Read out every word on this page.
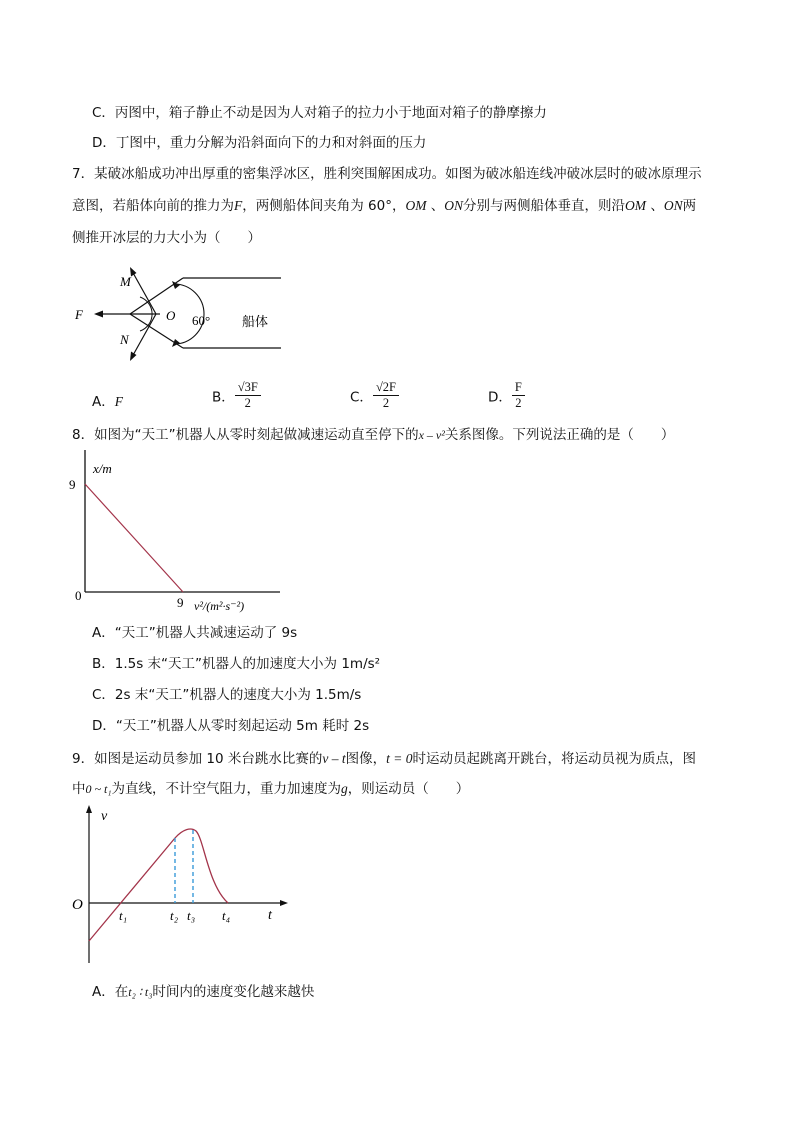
C．丙图中，箱子静止不动是因为人对箱子的拉力小于地面对箱子的静摩擦力
D．丁图中，重力分解为沿斜面向下的力和对斜面的压力
7．某破冰船成功冲出厚重的密集浮冰区，胜利突围解困成功。如图为破冰船连线冲破冰层时的破冰原理示
意图，若船体向前的推力为F，两侧船体间夹角为 60°，OM 、ON分别与两侧船体垂直，则沿OM 、ON两
侧推开冰层的力大小为（　　）
M
N
F	O 60° 船体
A．F	B． $\frac{√3F}{2}$	C． $\frac{√2F}{2}$	D． $\frac{F}{2}$
8．如图为“天工”机器人从零时刻起做减速运动直至停下的x – v²关系图像。下列说法正确的是（　　）
x/m
9
0	9 v²/(m²·s⁻²)
A．“天工”机器人共减速运动了 9s
B．1.5s 末“天工”机器人的加速度大小为 1m/s²
C．2s 末“天工”机器人的速度大小为 1.5m/s
D．“天工”机器人从零时刻起运动 5m 耗时 2s
9．如图是运动员参加 10 米台跳水比赛的v – t图像，t = 0时运动员起跳离开跳台，将运动员视为质点，图
中0 ~ t₁为直线，不计空气阻力，重力加速度为g，则运动员（　　）
v
O
t
t₁	t₂ t₃ t₄
A．在t₂ ∶ t₃时间内的速度变化越来越快
